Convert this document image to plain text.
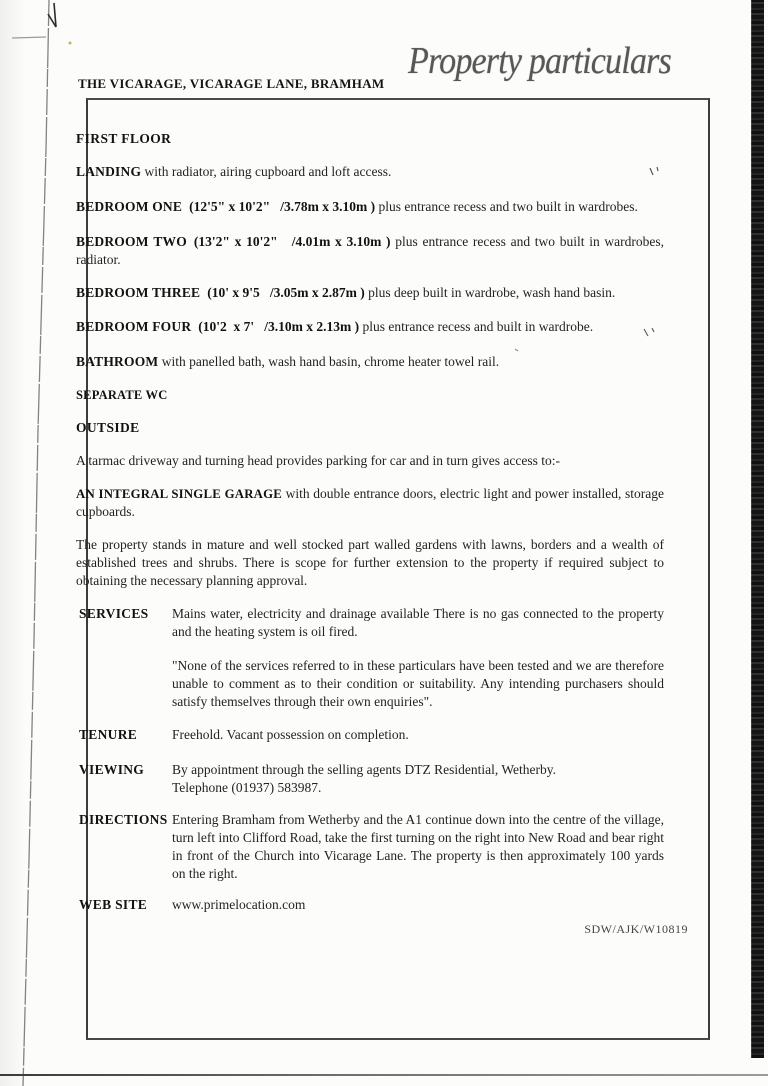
Property particulars
THE VICARAGE, VICARAGE LANE, BRAMHAM
FIRST FLOOR
LANDING with radiator, airing cupboard and loft access.
BEDROOM ONE (12'5" x 10'2"   /3.78m x 3.10m ) plus entrance recess and two built in wardrobes.
BEDROOM TWO (13'2" x 10'2"   /4.01m x 3.10m ) plus entrance recess and two built in wardrobes, radiator.
BEDROOM THREE (10' x 9'5   /3.05m x 2.87m ) plus deep built in wardrobe, wash hand basin.
BEDROOM FOUR (10'2  x 7'   /3.10m x 2.13m ) plus entrance recess and built in wardrobe.
BATHROOM with panelled bath, wash hand basin, chrome heater towel rail.
SEPARATE WC
OUTSIDE
A tarmac driveway and turning head provides parking for car and in turn gives access to:-
AN INTEGRAL SINGLE GARAGE with double entrance doors, electric light and power installed, storage cupboards.
The property stands in mature and well stocked part walled gardens with lawns, borders and a wealth of established trees and shrubs. There is scope for further extension to the property if required subject to obtaining the necessary planning approval.
SERVICES	Mains water, electricity and drainage available There is no gas connected to the property and the heating system is oil fired.
"None of the services referred to in these particulars have been tested and we are therefore unable to comment as to their condition or suitability. Any intending purchasers should satisfy themselves through their own enquiries".
TENURE	Freehold. Vacant possession on completion.
VIEWING	By appointment through the selling agents DTZ Residential, Wetherby.
Telephone (01937) 583987.
DIRECTIONS Entering Bramham from Wetherby and the A1 continue down into the centre of the village, turn left into Clifford Road, take the first turning on the right into New Road and bear right in front of the Church into Vicarage Lane. The property is then approximately 100 yards on the right.
WEB SITE	www.primelocation.com
SDW/AJK/W10819
